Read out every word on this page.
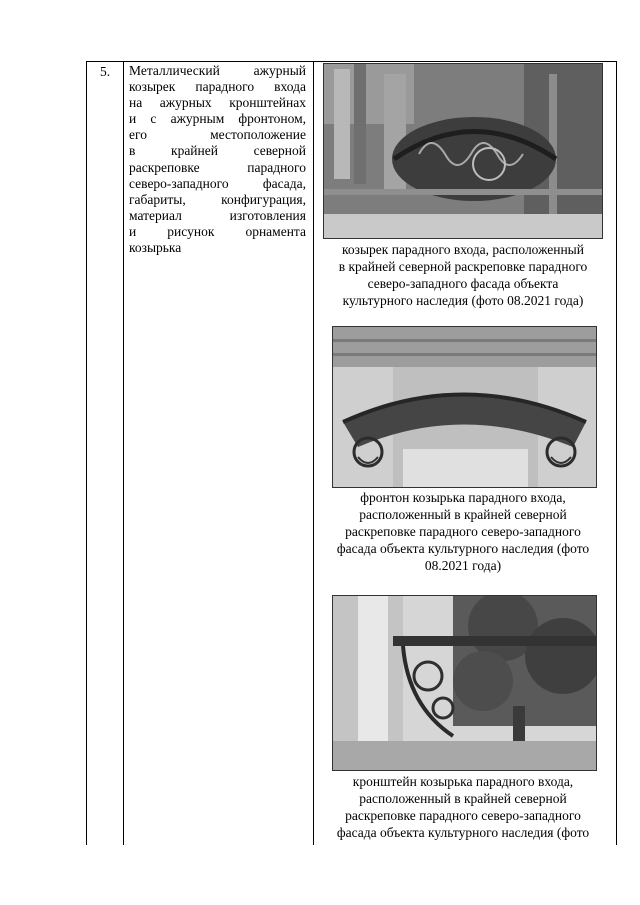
5.	Металлический ажурный
козырек парадного входа
на ажурных кронштейнах
и с ажурным фронтоном,
его местоположение
в крайней северной
раскреповке парадного
северо-западного фасада,
габариты, конфигурация,
материал изготовления
и рисунок орнамента
козырька	козырек парадного входа, расположенный
в крайней северной раскреповке парадного
северо-западного фасада объекта
культурного наследия (фото 08.2021 года)
фронтон козырька парадного входа,
расположенный в крайней северной
раскреповке парадного северо-западного
фасада объекта культурного наследия (фото
08.2021 года)
кронштейн козырька парадного входа,
расположенный в крайней северной
раскреповке парадного северо-западного
фасада объекта культурного наследия (фото
